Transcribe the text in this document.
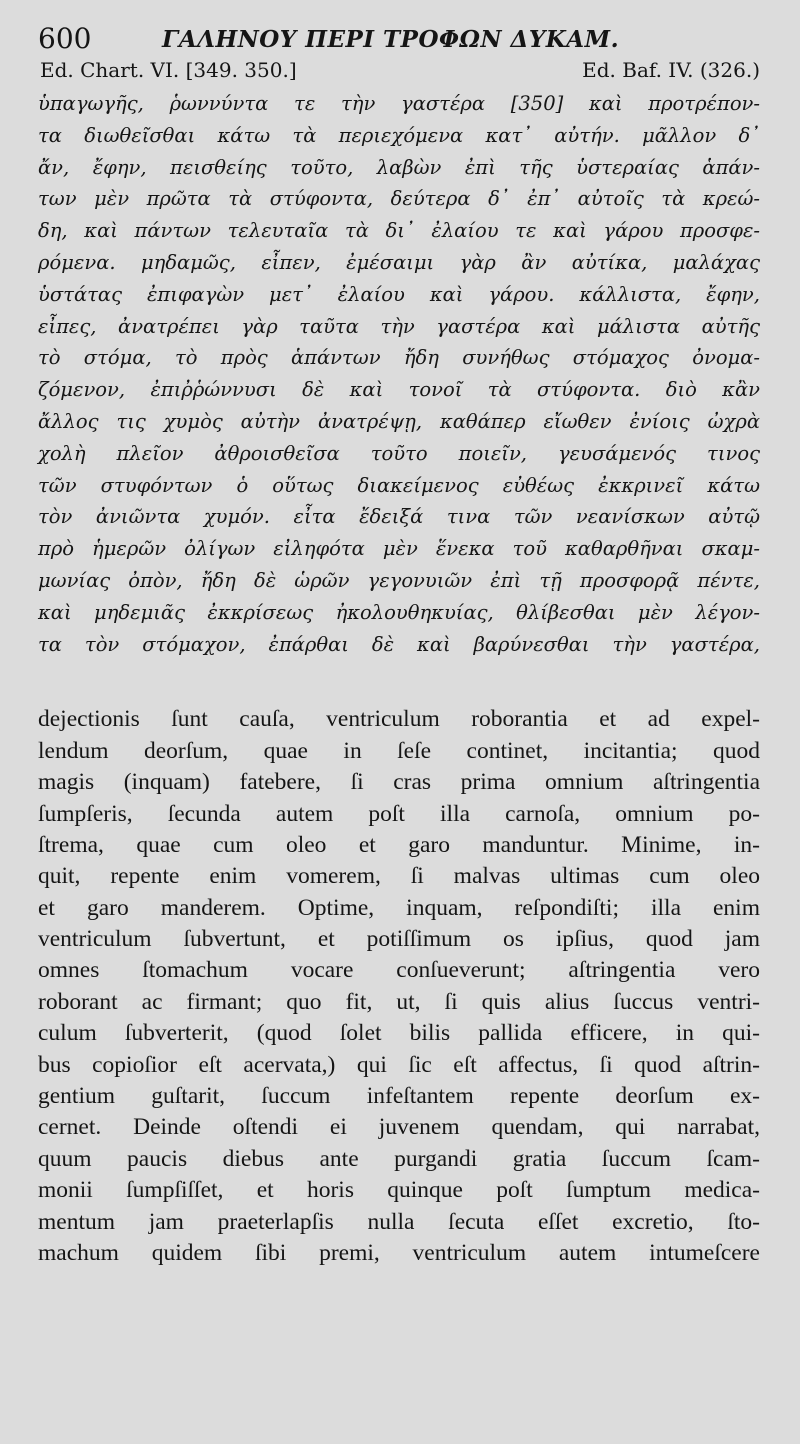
600	ΓΑΛΗΝΟΥ ΠΕΡΙ ΤΡΟΦΩΝ ΔΥΚΑΜ.
Ed. Chart. VI. [349. 350.]	Ed. Baf. IV. (326.)
ὑπαγωγῆς, ῥωννύντα τε τὴν γαστέρα [350] καὶ προτρέπον-
τα διωθεῖσθαι κάτω τὰ περιεχόμενα κατ᾽ αὐτήν. μᾶλλον δ᾽
ἄν, ἔφην, πεισθείης τοῦτο, λαβὼν ἐπὶ τῆς ὑστεραίας ἁπάν-
των μὲν πρῶτα τὰ στύφοντα, δεύτερα δ᾽ ἐπ᾽ αὐτοῖς τὰ κρεώ-
δη, καὶ πάντων τελευταῖα τὰ δι᾽ ἐλαίου τε καὶ γάρου προσφε-
ρόμενα. μηδαμῶς, εἶπεν, ἐμέσαιμι γὰρ ἂν αὐτίκα, μαλάχας
ὑστάτας ἐπιφαγὼν μετ᾽ ἐλαίου καὶ γάρου. κάλλιστα, ἔφην,
εἶπες, ἀνατρέπει γὰρ ταῦτα τὴν γαστέρα καὶ μάλιστα αὐτῆς
τὸ στόμα, τὸ πρὸς ἁπάντων ἤδη συνήθως στόμαχος ὀνομα-
ζόμενον, ἐπιῤῥώννυσι δὲ καὶ τονοῖ τὰ στύφοντα. διὸ κἂν
ἄλλος τις χυμὸς αὐτὴν ἀνατρέψῃ, καθάπερ εἴωθεν ἐνίοις ὠχρὰ
χολὴ πλεῖον ἀθροισθεῖσα τοῦτο ποιεῖν, γευσάμενός τινος
τῶν στυφόντων ὁ οὕτως διακείμενος εὐθέως ἐκκρινεῖ κάτω
τὸν ἀνιῶντα χυμόν. εἶτα ἔδειξά τινα τῶν νεανίσκων αὐτῷ
πρὸ ἡμερῶν ὀλίγων εἰληφότα μὲν ἕνεκα τοῦ καθαρθῆναι σκαμ-
μωνίας ὀπὸν, ἤδη δὲ ὡρῶν γεγονυιῶν ἐπὶ τῇ προσφορᾷ πέντε,
καὶ μηδεμιᾶς ἐκκρίσεως ἠκολουθηκυίας, θλίβεσθαι μὲν λέγον-
τα τὸν στόμαχον, ἐπάρθαι δὲ καὶ βαρύνεσθαι τὴν γαστέρα,
dejectionis ſunt cauſa, ventriculum roborantia et ad expel-
lendum deorſum, quae in ſeſe continet, incitantia; quod
magis (inquam) fatebere, ſi cras prima omnium aſtringentia
ſumpſeris, ſecunda autem poſt illa carnoſa, omnium po-
ſtrema, quae cum oleo et garo manduntur. Minime, in-
quit, repente enim vomerem, ſi malvas ultimas cum oleo
et garo manderem. Optime, inquam, reſpondiſti; illa enim
ventriculum ſubvertunt, et potiſſimum os ipſius, quod jam
omnes ſtomachum vocare conſueverunt; aſtringentia vero
roborant ac firmant; quo fit, ut, ſi quis alius ſuccus ventri-
culum ſubverterit, (quod ſolet bilis pallida efficere, in qui-
bus copioſior eſt acervata,) qui ſic eſt affectus, ſi quod aſtrin-
gentium guſtarit, ſuccum infeſtantem repente deorſum ex-
cernet. Deinde oſtendi ei juvenem quendam, qui narrabat,
quum paucis diebus ante purgandi gratia ſuccum ſcam-
monii ſumpſiſſet, et horis quinque poſt ſumptum medica-
mentum jam praeterlapſis nulla ſecuta eſſet excretio, ſto-
machum quidem ſibi premi, ventriculum autem intumeſcere
